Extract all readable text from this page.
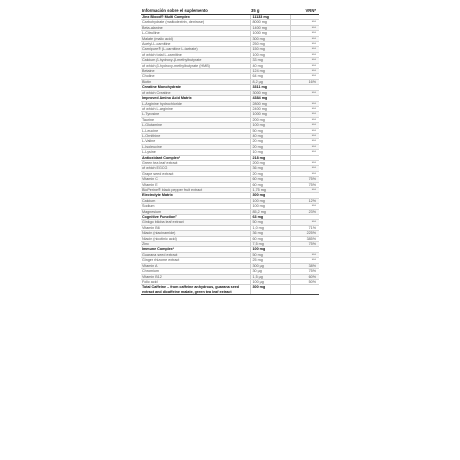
Información sobre el suplemento	35 g	VRN*
Jinx Blood® Multi Complex	11133 mg	
Carbohydrate (maltodextrin, dextrose)	8000 mg	***
Beta-alanine	1400 mg	***
L-Citrulline	1000 mg	***
Malate (malic acid)	300 mg	***
Acetyl-L-carnitine	250 mg	***
Carnipure® (L-carnitine L-tartrate)	150 mg	***
of which total L-carnitine	100 mg	***
Calcium β-hydroxy-β-methylbutyrate	33 mg	***
of which β-hydroxy-methylbutyrate (HMB)	40 mg	***
Betaine	124 mg	***
Choline	64 mg	***
Biotin	8,2 µg	16%
Creatine Monohydrate	3311 mg	
of which Creatine	3000 mg	***
Improved Amino Acid Matrix	4384 mg	
L-Arginine hydrochloride	2800 mg	***
of which L-arginine	2400 mg	***
L-Tyrosine	1000 mg	***
Taurine	200 mg	***
L-Glutamine	100 mg	***
L-Leucine	50 mg	***
L-Ornithine	40 mg	***
L-Valine	20 mg	***
L-Isoleucine	20 mg	***
L-Lysine	10 mg	***
Antioxidant Complex¹	218 mg	
Green tea leaf extract	200 mg	***
of which EGCG	36 mg	***
Grape seed extract	20 mg	***
Vitamin C	60 mg	75%
Vitamin E	60 mg	75%
BioPerine® black pepper fruit extract	1,75 mg	***
Electrolyte Matrix	300 mg	
Calcium	100 mg	12%
Sodium	100 mg	***
Magnesium	85,2 mg	23%
Cognitive Function²	63 mg	
Ginkgo biloba leaf extract	50 mg	***
Vitamin B6	1,0 mg	71%
Niacin (niacinamide)	36 mg	225%
Niacin (nicotinic acid)	60 mg	385%
Zinc	7,5 mg	75%
Immune Complex³	100 mg	
Guarana seed extract	50 mg	***
Ginger rhizome extract	25 mg	***
Vitamin A	300 µg	38%
Chromium	30 µg	75%
Vitamin B12	1,5 µg	60%
Folic acid	100 µg	50%
Total Caffeine – from caffeine anhydrous, guarana seed extract and dicaffeine malate, green tea leaf extract	300 mg	
